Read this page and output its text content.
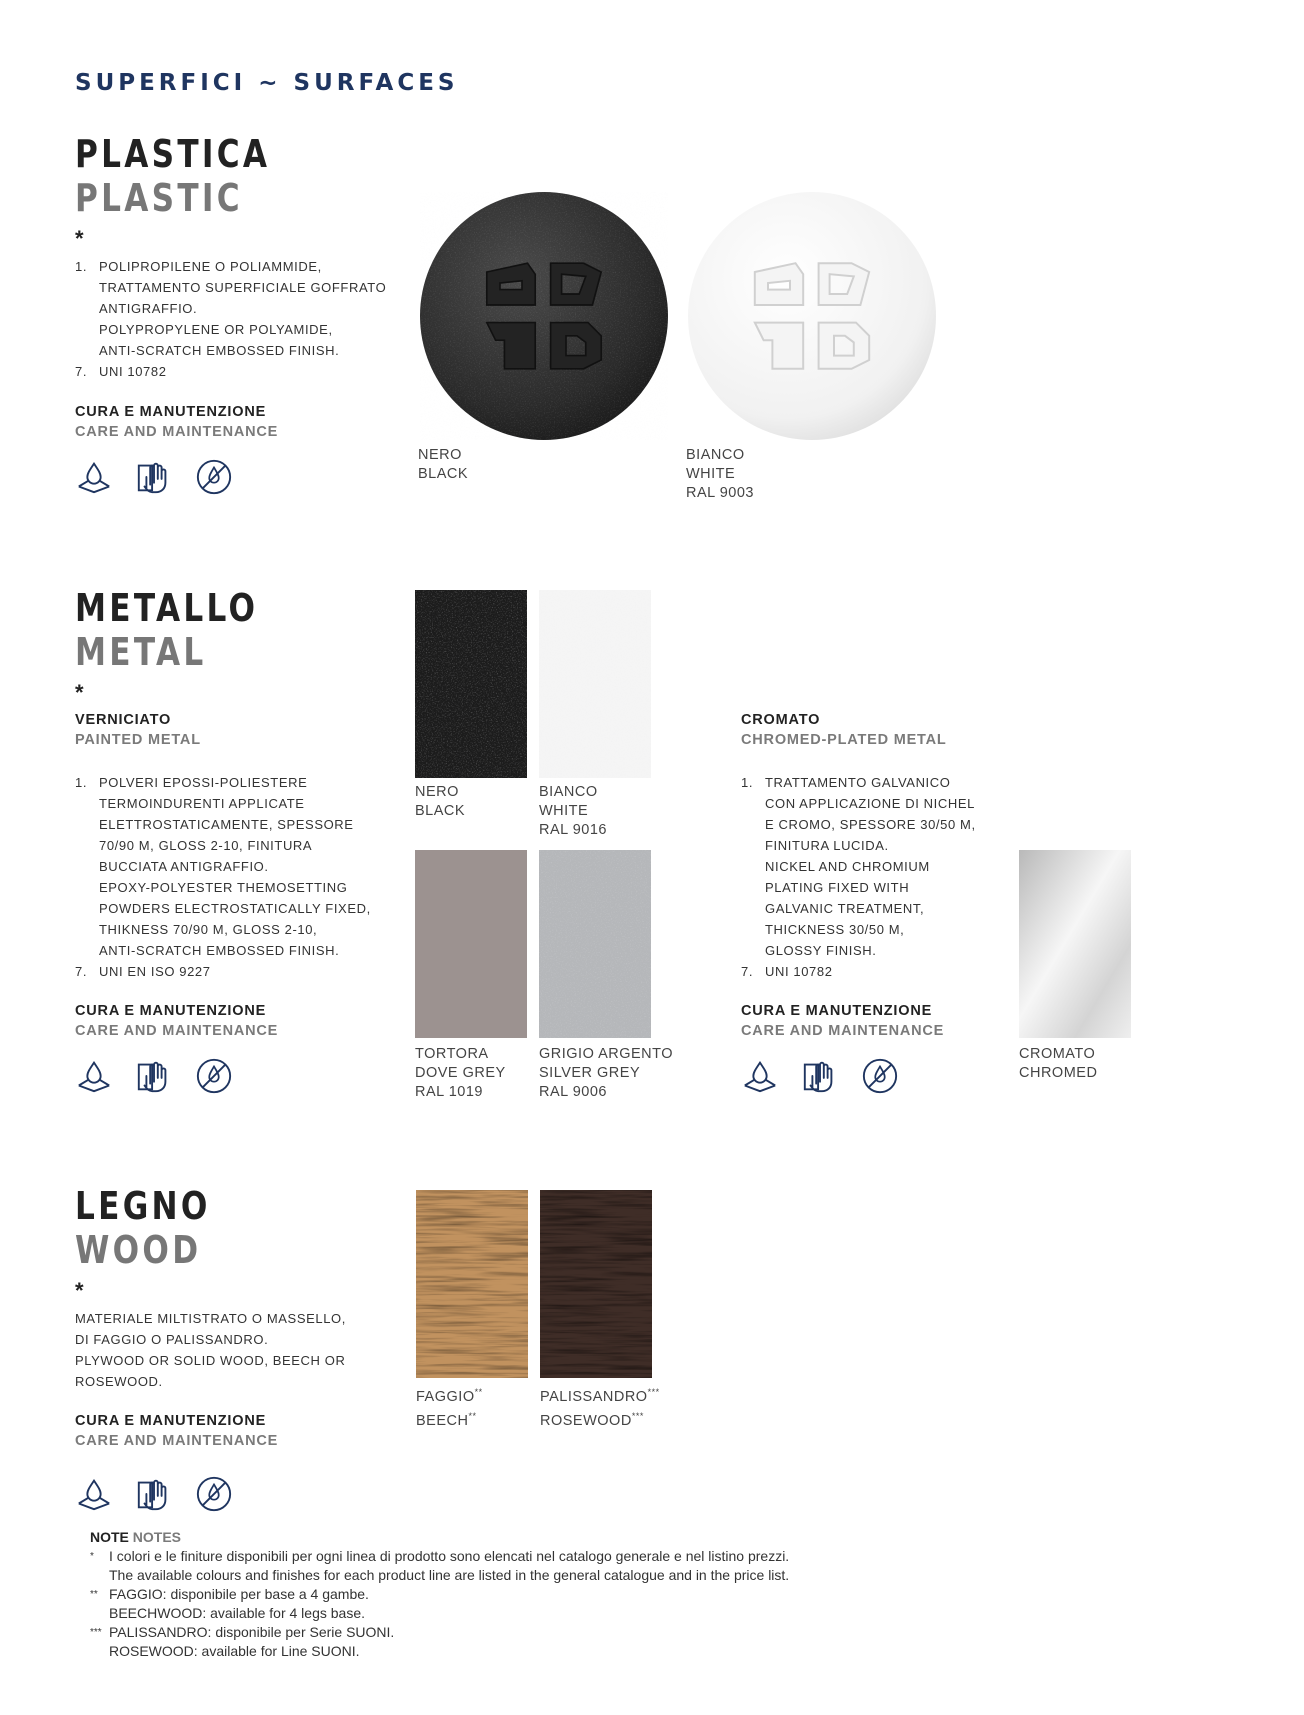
SUPERFICI ~ SURFACES
PLASTICA
PLASTIC
*
1. POLIPROPILENE O POLIAMMIDE,
TRATTAMENTO SUPERFICIALE GOFFRATO
ANTIGRAFFIO.
POLYPROPYLENE OR POLYAMIDE,
ANTI-SCRATCH EMBOSSED FINISH.
7. UNI 10782
CURA E MANUTENZIONE
CARE AND MAINTENANCE
NERO
BLACK
BIANCO
WHITE
RAL 9003
METALLO
METAL
*
VERNICIATO
PAINTED METAL
1. POLVERI EPOSSI-POLIESTERE
TERMOINDURENTI APPLICATE
ELETTROSTATICAMENTE, SPESSORE
70/90 Μ, GLOSS 2-10, FINITURA
BUCCIATA ANTIGRAFFIO.
EPOXY-POLYESTER THEMOSETTING
POWDERS ELECTROSTATICALLY FIXED,
THIKNESS 70/90 Μ, GLOSS 2-10,
ANTI-SCRATCH EMBOSSED FINISH.
7. UNI EN ISO 9227
CURA E MANUTENZIONE
CARE AND MAINTENANCE
NERO
BLACK
BIANCO
WHITE
RAL 9016
TORTORA
DOVE GREY
RAL 1019
GRIGIO ARGENTO
SILVER GREY
RAL 9006
CROMATO
CHROMED-PLATED METAL
1. TRATTAMENTO GALVANICO
CON APPLICAZIONE DI NICHEL
E CROMO, SPESSORE 30/50 Μ,
FINITURA LUCIDA.
NICKEL AND CHROMIUM
PLATING FIXED WITH
GALVANIC TREATMENT,
THICKNESS 30/50 Μ,
GLOSSY FINISH.
7. UNI 10782
CURA E MANUTENZIONE
CARE AND MAINTENANCE
CROMATO
CHROMED
LEGNO
WOOD
*
MATERIALE MILTISTRATO O MASSELLO,
DI FAGGIO O PALISSANDRO.
PLYWOOD OR SOLID WOOD, BEECH OR
ROSEWOOD.
CURA E MANUTENZIONE
CARE AND MAINTENANCE
FAGGIO**
BEECH**
PALISSANDRO***
ROSEWOOD***
NOTE NOTES
*	I colori e le finiture disponibili per ogni linea di prodotto sono elencati nel catalogo generale e nel listino prezzi.
The available colours and finishes for each product line are listed in the general catalogue and in the price list.
** FAGGIO: disponibile per base a 4 gambe.
BEECHWOOD: available for 4 legs base.
*** PALISSANDRO: disponibile per Serie SUONI.
ROSEWOOD: available for Line SUONI.
